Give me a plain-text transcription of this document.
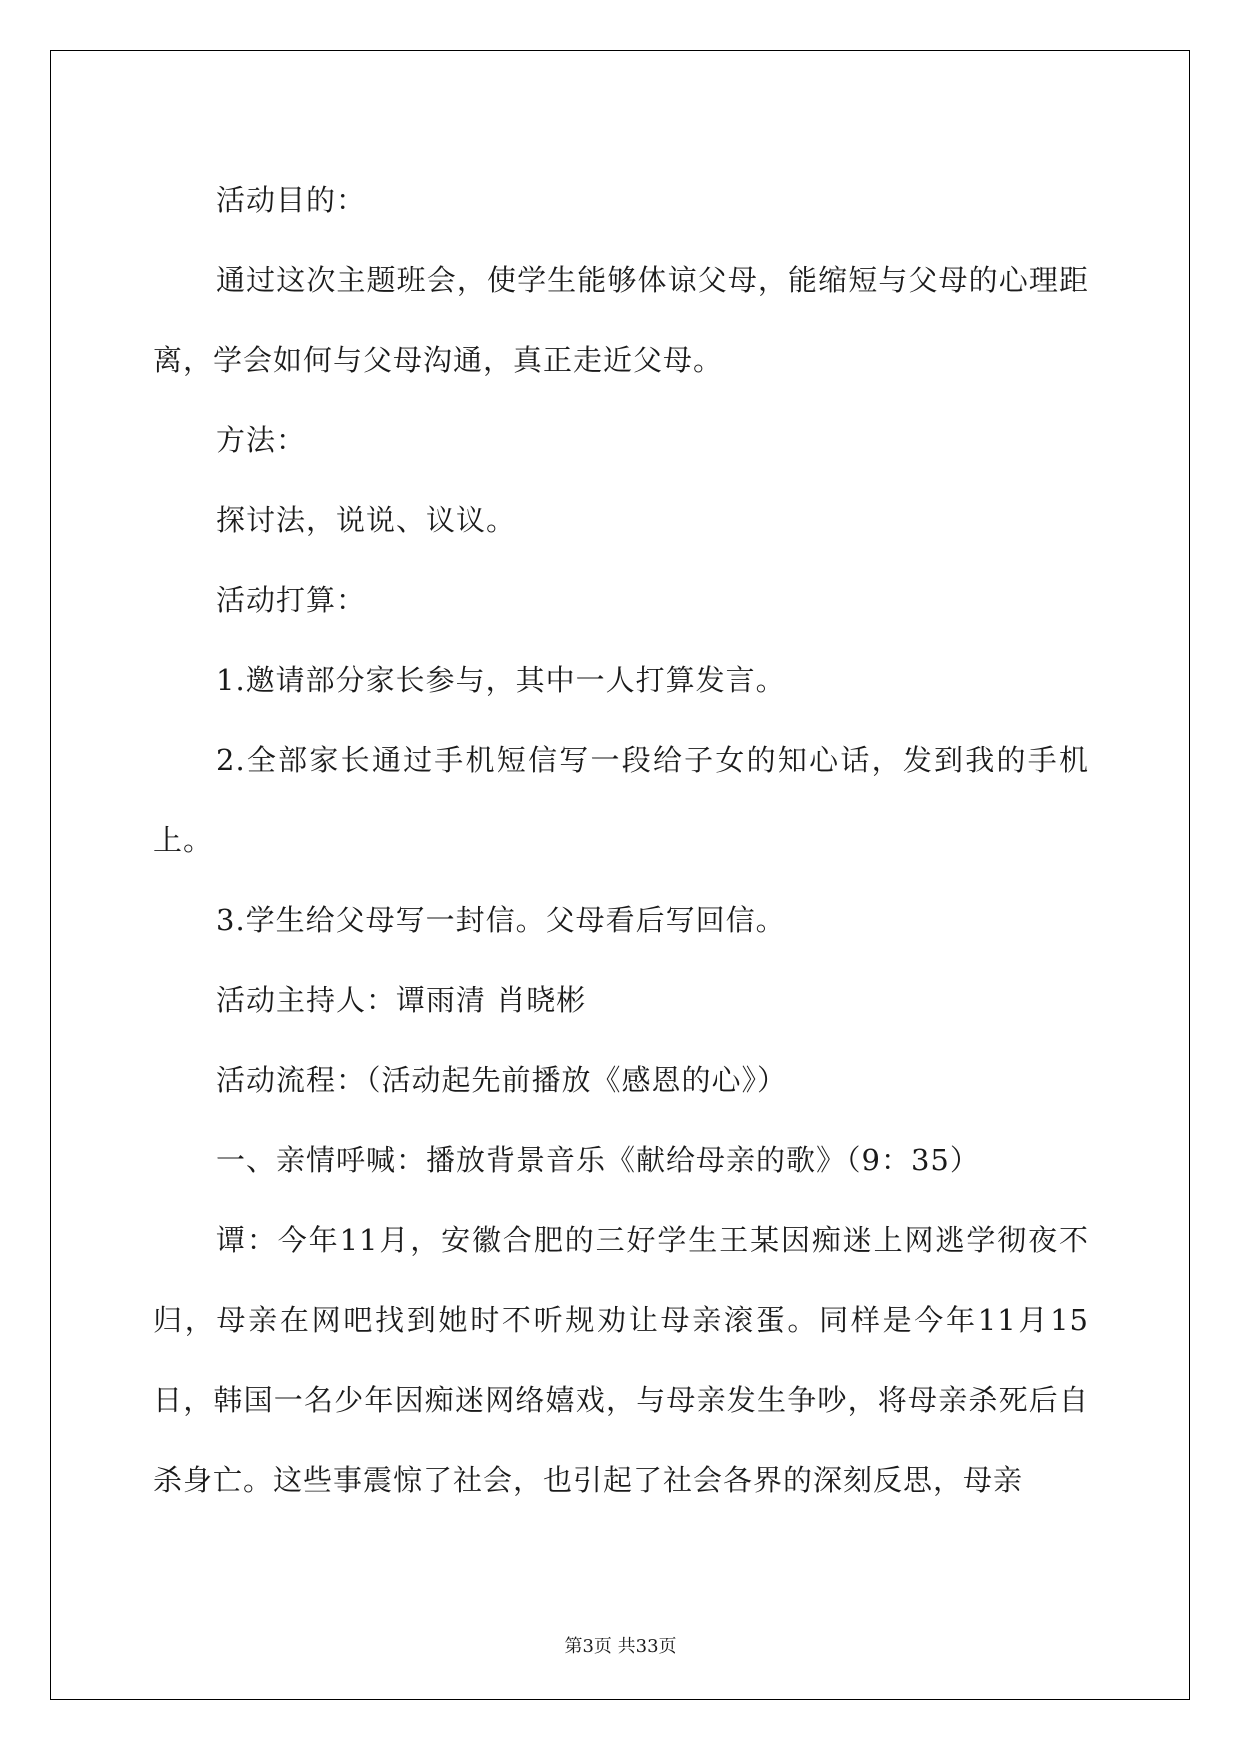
活动目的：

通过这次主题班会，使学生能够体谅父母，能缩短与父母的心理距离，学会如何与父母沟通，真正走近父母。

方法：

探讨法，说说、议议。

活动打算：

1.邀请部分家长参与，其中一人打算发言。

2.全部家长通过手机短信写一段给子女的知心话，发到我的手机上。

3.学生给父母写一封信。父母看后写回信。

活动主持人：谭雨清 肖晓彬

活动流程：（活动起先前播放《感恩的心》）

一、亲情呼喊：播放背景音乐《献给母亲的歌》（9：35）

谭：今年11月，安徽合肥的三好学生王某因痴迷上网逃学彻夜不归，母亲在网吧找到她时不听规劝让母亲滚蛋。同样是今年11月15日，韩国一名少年因痴迷网络嬉戏，与母亲发生争吵，将母亲杀死后自杀身亡。这些事震惊了社会，也引起了社会各界的深刻反思，母亲

第3页 共33页
